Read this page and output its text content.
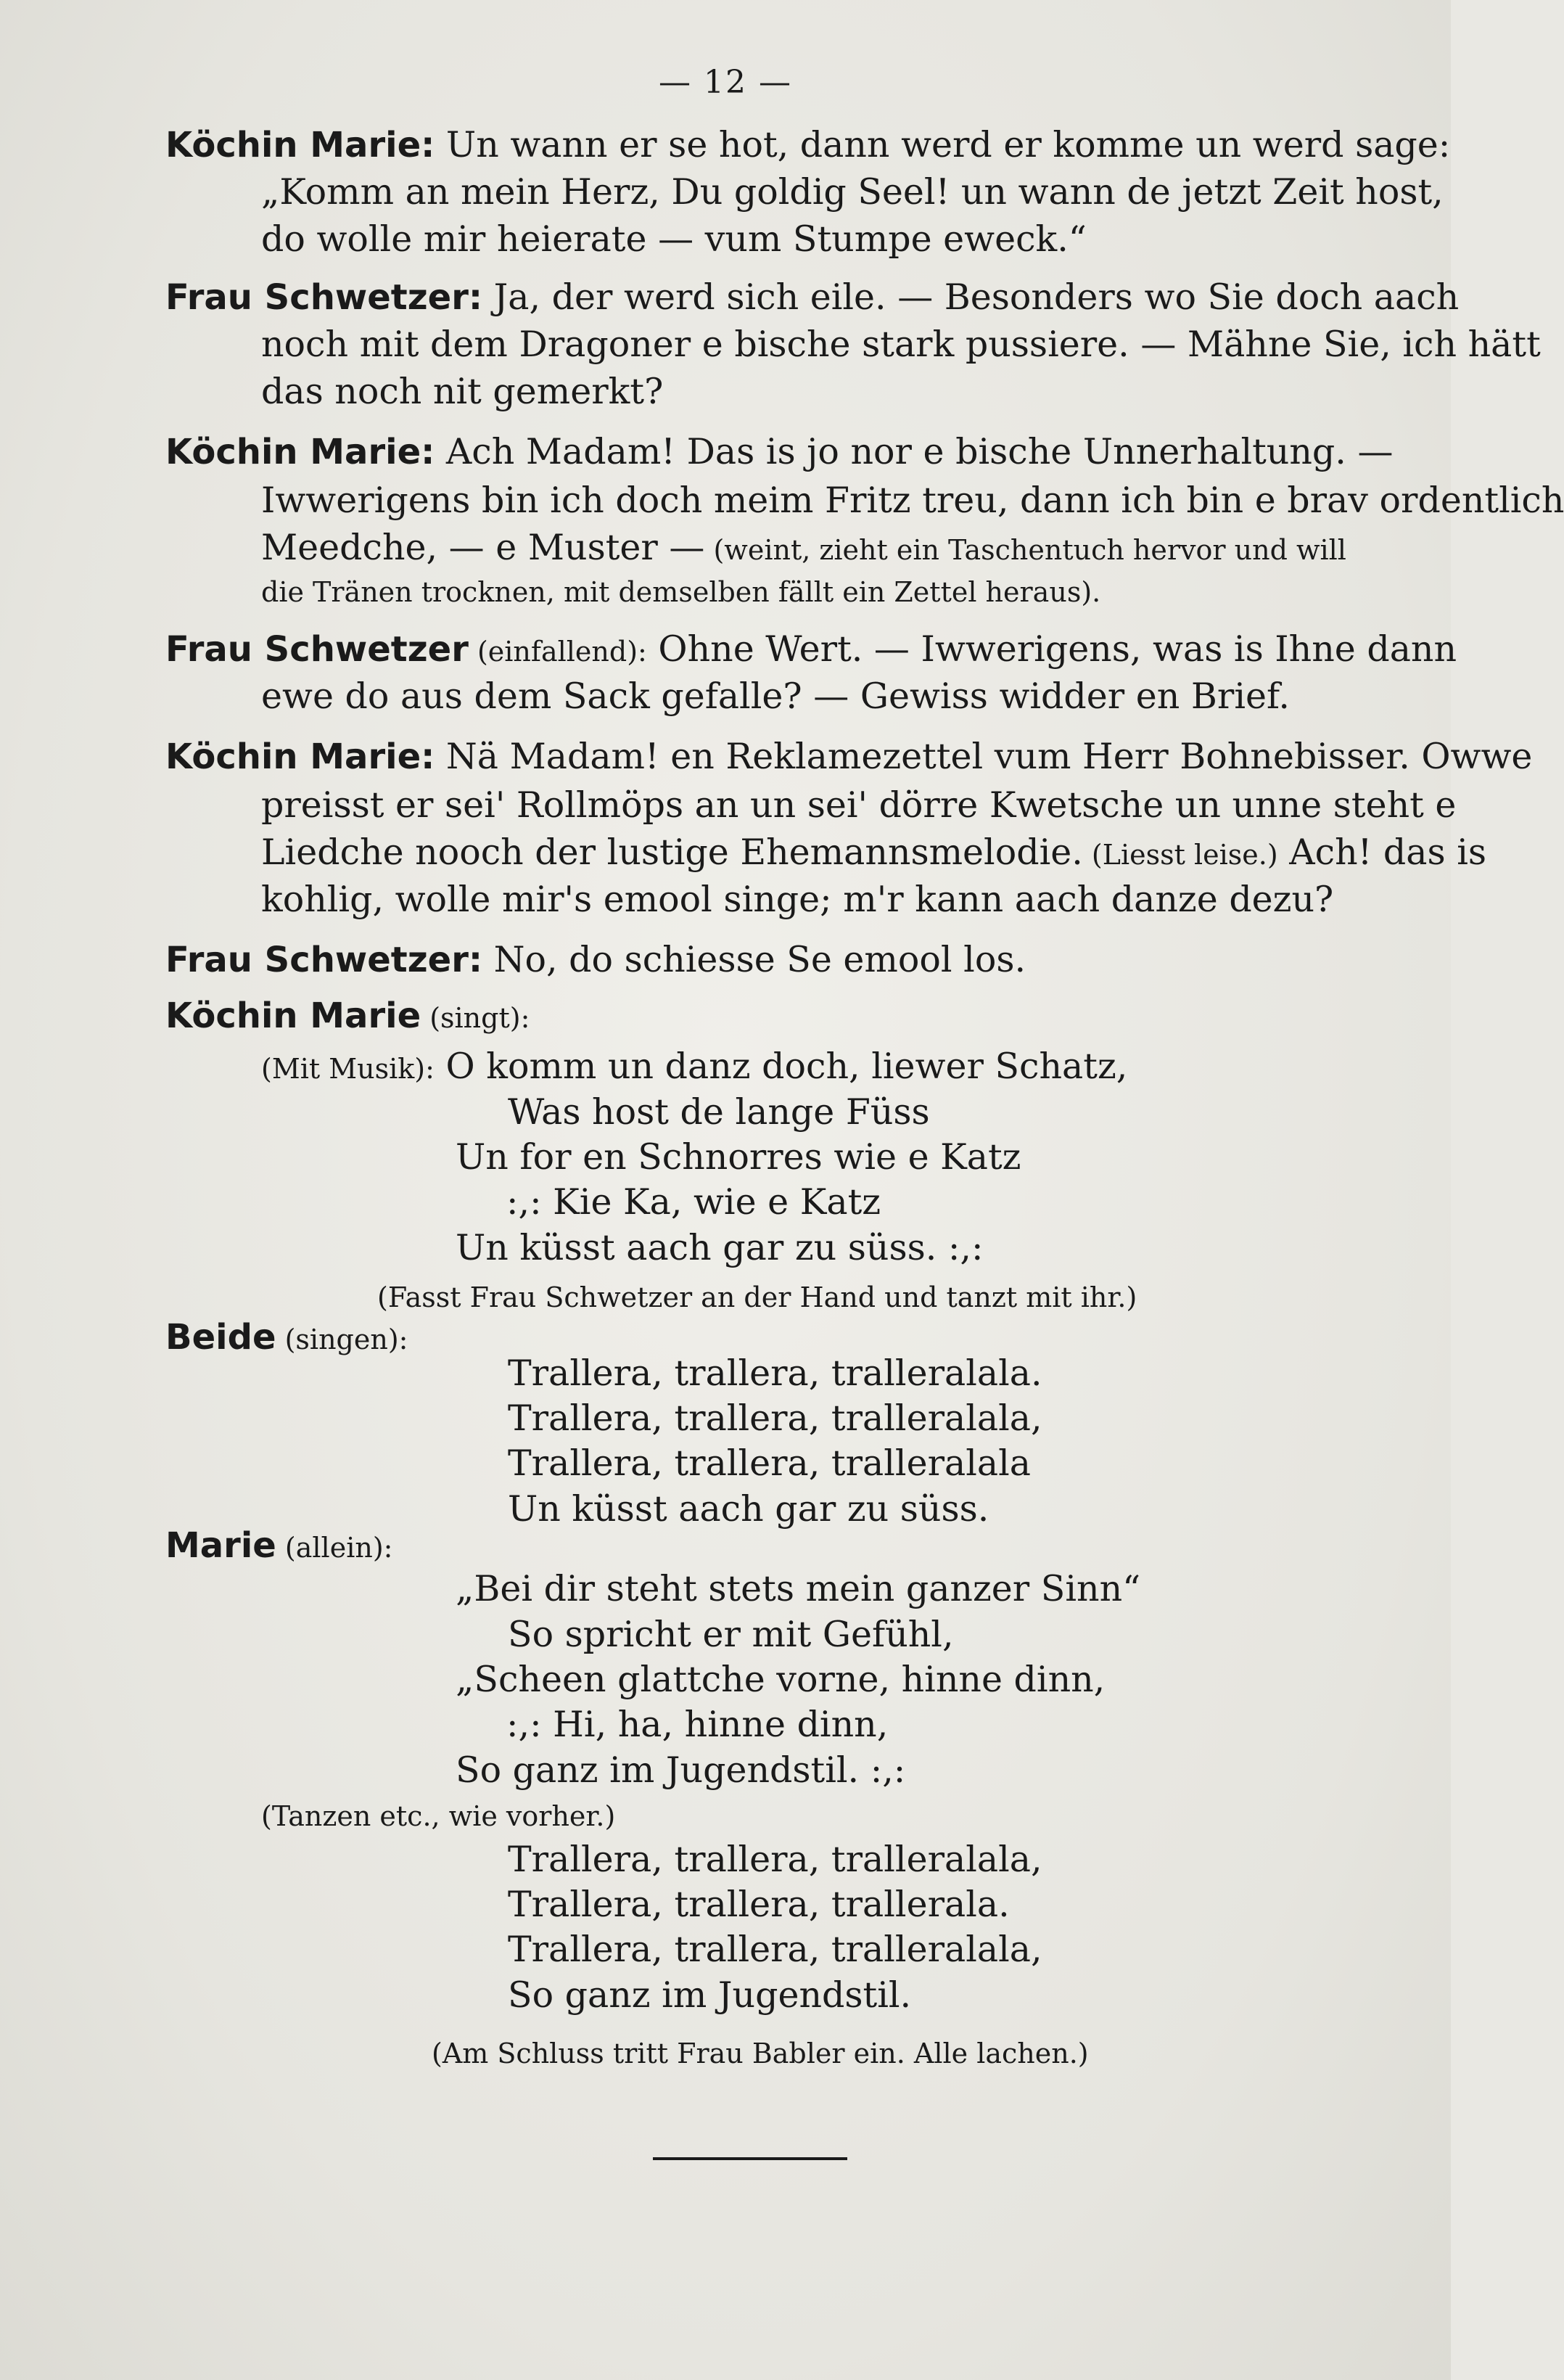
— 12 —
Köchin Marie: Un wann er se hot, dann werd er komme un werd sage:
„Komm an mein Herz, Du goldig Seel! un wann de jetzt Zeit host,
do wolle mir heierate — vum Stumpe eweck.“
Frau Schwetzer: Ja, der werd sich eile. — Besonders wo Sie doch aach
noch mit dem Dragoner e bische stark pussiere. — Mähne Sie, ich hätt
das noch nit gemerkt?
Köchin Marie: Ach Madam! Das is jo nor e bische Unnerhaltung. —
Iwwerigens bin ich doch meim Fritz treu, dann ich bin e brav ordentlich
Meedche, — e Muster — (weint, zieht ein Taschentuch hervor und will
die Tränen trocknen, mit demselben fällt ein Zettel heraus).
Frau Schwetzer (einfallend): Ohne Wert. — Iwwerigens, was is Ihne dann
ewe do aus dem Sack gefalle? — Gewiss widder en Brief.
Köchin Marie: Nä Madam! en Reklamezettel vum Herr Bohnebisser. Owwe
preisst er sei' Rollmöps an un sei' dörre Kwetsche un unne steht e
Liedche nooch der lustige Ehemannsmelodie. (Liesst leise.) Ach! das is
kohlig, wolle mir's emool singe; m'r kann aach danze dezu?
Frau Schwetzer: No, do schiesse Se emool los.
Köchin Marie (singt):
(Mit Musik): O komm un danz doch, liewer Schatz,
Was host de lange Füss
Un for en Schnorres wie e Katz
:,: Kie Ka, wie e Katz
Un küsst aach gar zu süss. :,:
(Fasst Frau Schwetzer an der Hand und tanzt mit ihr.)
Beide (singen):
Trallera, trallera, tralleralala.
Trallera, trallera, tralleralala,
Trallera, trallera, tralleralala
Un küsst aach gar zu süss.
Marie (allein):
„Bei dir steht stets mein ganzer Sinn“
So spricht er mit Gefühl,
„Scheen glattche vorne, hinne dinn,
:,: Hi, ha, hinne dinn,
So ganz im Jugendstil. :,:
(Tanzen etc., wie vorher.)
Trallera, trallera, tralleralala,
Trallera, trallera, trallerala.
Trallera, trallera, tralleralala,
So ganz im Jugendstil.
(Am Schluss tritt Frau Babler ein. Alle lachen.)
